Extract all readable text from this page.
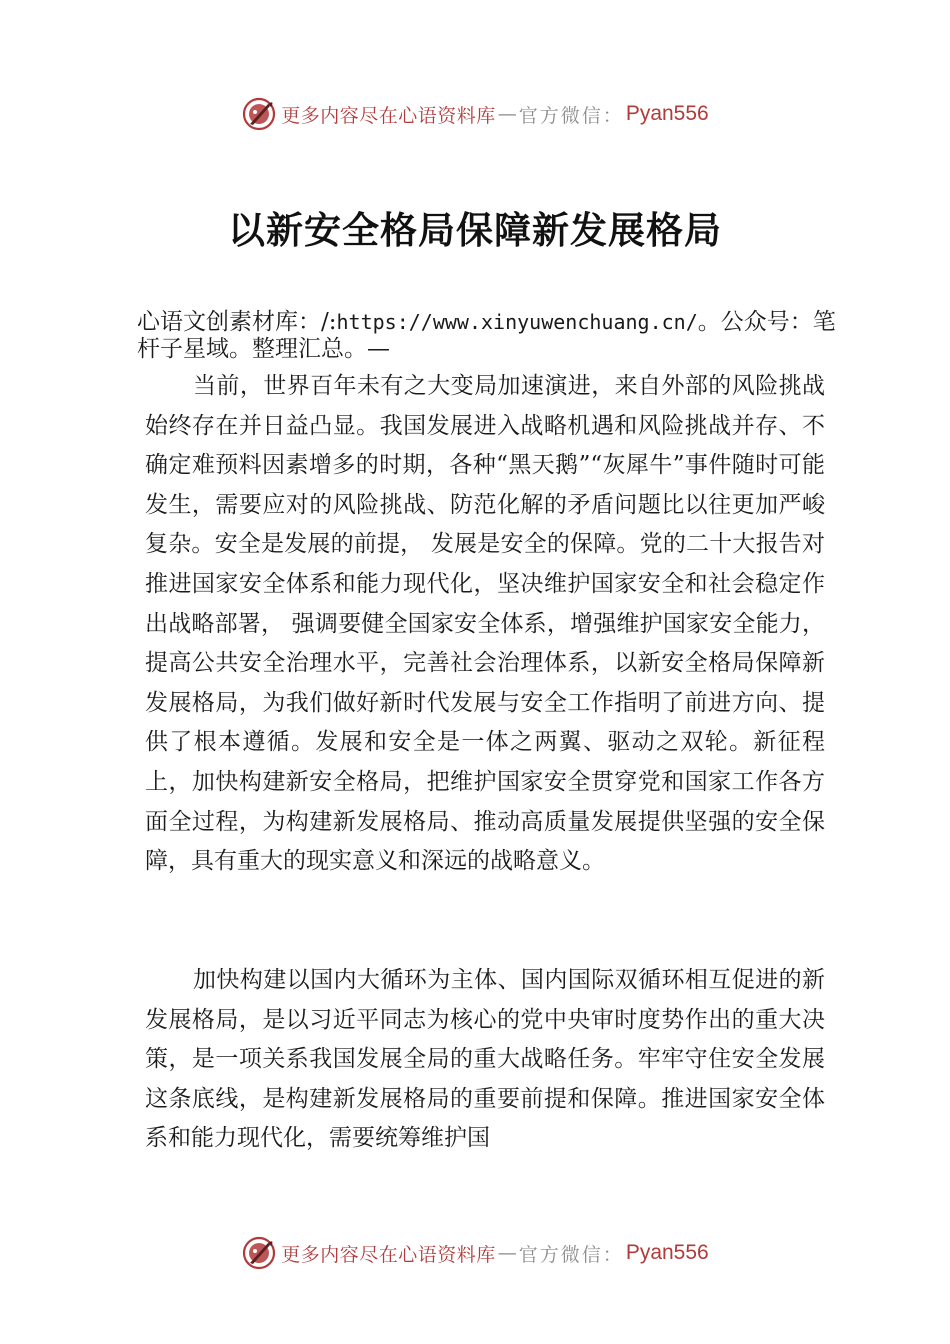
更多内容尽在心语资料库 — 官方微信： Pyan556
以新安全格局保障新发展格局
心语文创素材库：/:https://www.xinyuwenchuang.cn/。公众号：笔杆子星域。整理汇总。—

当前，世界百年未有之大变局加速演进，来自外部的风险挑战始终存在并日益凸显。我国发展进入战略机遇和风险挑战并存、不确定难预料因素增多的时期，各种“黑天鹅”“灰犀牛”事件随时可能发生，需要应对的风险挑战、防范化解的矛盾问题比以往更加严峻复杂。安全是发展的前提， 发展是安全的保障。党的二十大报告对推进国家安全体系和能力现代化，坚决维护国家安全和社会稳定作出战略部署， 强调要健全国家安全体系，增强维护国家安全能力，提高公共安全治理水平，完善社会治理体系，以新安全格局保障新发展格局，为我们做好新时代发展与安全工作指明了前进方向、提供了根本遵循。发展和安全是一体之两翼、驱动之双轮。新征程上，加快构建新安全格局，把维护国家安全贯穿党和国家工作各方面全过程，为构建新发展格局、推动高质量发展提供坚强的安全保障，具有重大的现实意义和深远的战略意义。

加快构建以国内大循环为主体、国内国际双循环相互促进的新发展格局，是以习近平同志为核心的党中央审时度势作出的重大决策，是一项关系我国发展全局的重大战略任务。牢牢守住安全发展这条底线，是构建新发展格局的重要前提和保障。推进国家安全体系和能力现代化，需要统筹维护国

更多内容尽在心语资料库 — 官方微信： Pyan556
